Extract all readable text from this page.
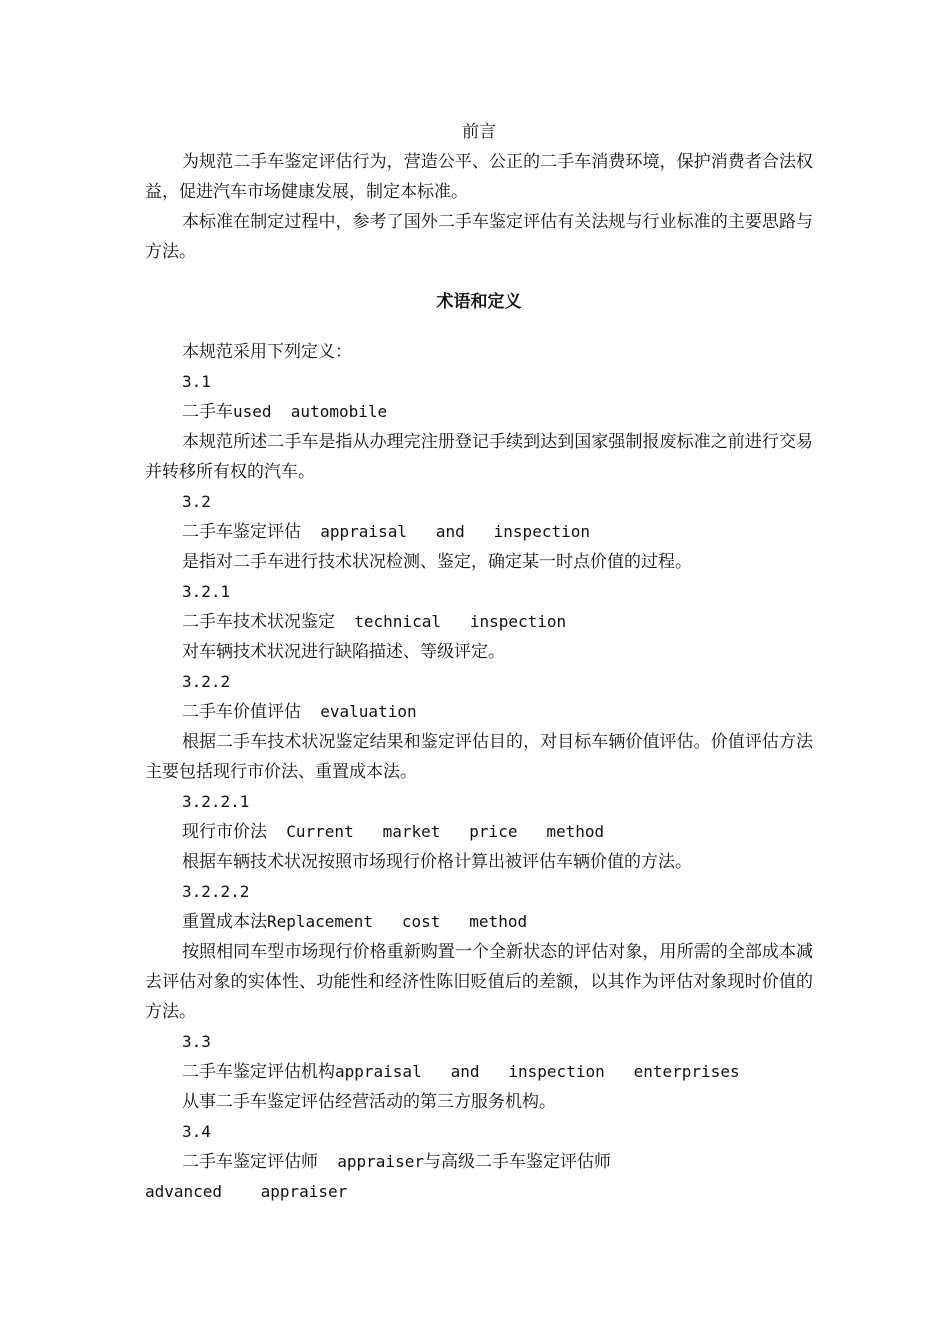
前言

为规范二手车鉴定评估行为，营造公平、公正的二手车消费环境，保护消费者合法权益，促进汽车市场健康发展，制定本标准。

本标准在制定过程中，参考了国外二手车鉴定评估有关法规与行业标准的主要思路与方法。

术语和定义

本规范采用下列定义：

3.1

二手车used  automobile

本规范所述二手车是指从办理完注册登记手续到达到国家强制报废标准之前进行交易并转移所有权的汽车。

3.2

二手车鉴定评估  appraisal   and   inspection

是指对二手车进行技术状况检测、鉴定，确定某一时点价值的过程。

3.2.1

二手车技术状况鉴定  technical   inspection

对车辆技术状况进行缺陷描述、等级评定。

3.2.2

二手车价值评估  evaluation

根据二手车技术状况鉴定结果和鉴定评估目的，对目标车辆价值评估。价值评估方法主要包括现行市价法、重置成本法。

3.2.2.1

现行市价法  Current   market   price   method

根据车辆技术状况按照市场现行价格计算出被评估车辆价值的方法。

3.2.2.2

重置成本法Replacement   cost   method

按照相同车型市场现行价格重新购置一个全新状态的评估对象，用所需的全部成本减去评估对象的实体性、功能性和经济性陈旧贬值后的差额，以其作为评估对象现时价值的方法。

3.3

二手车鉴定评估机构appraisal   and   inspection   enterprises

从事二手车鉴定评估经营活动的第三方服务机构。

3.4

二手车鉴定评估师  appraiser与高级二手车鉴定评估师

advanced    appraiser
